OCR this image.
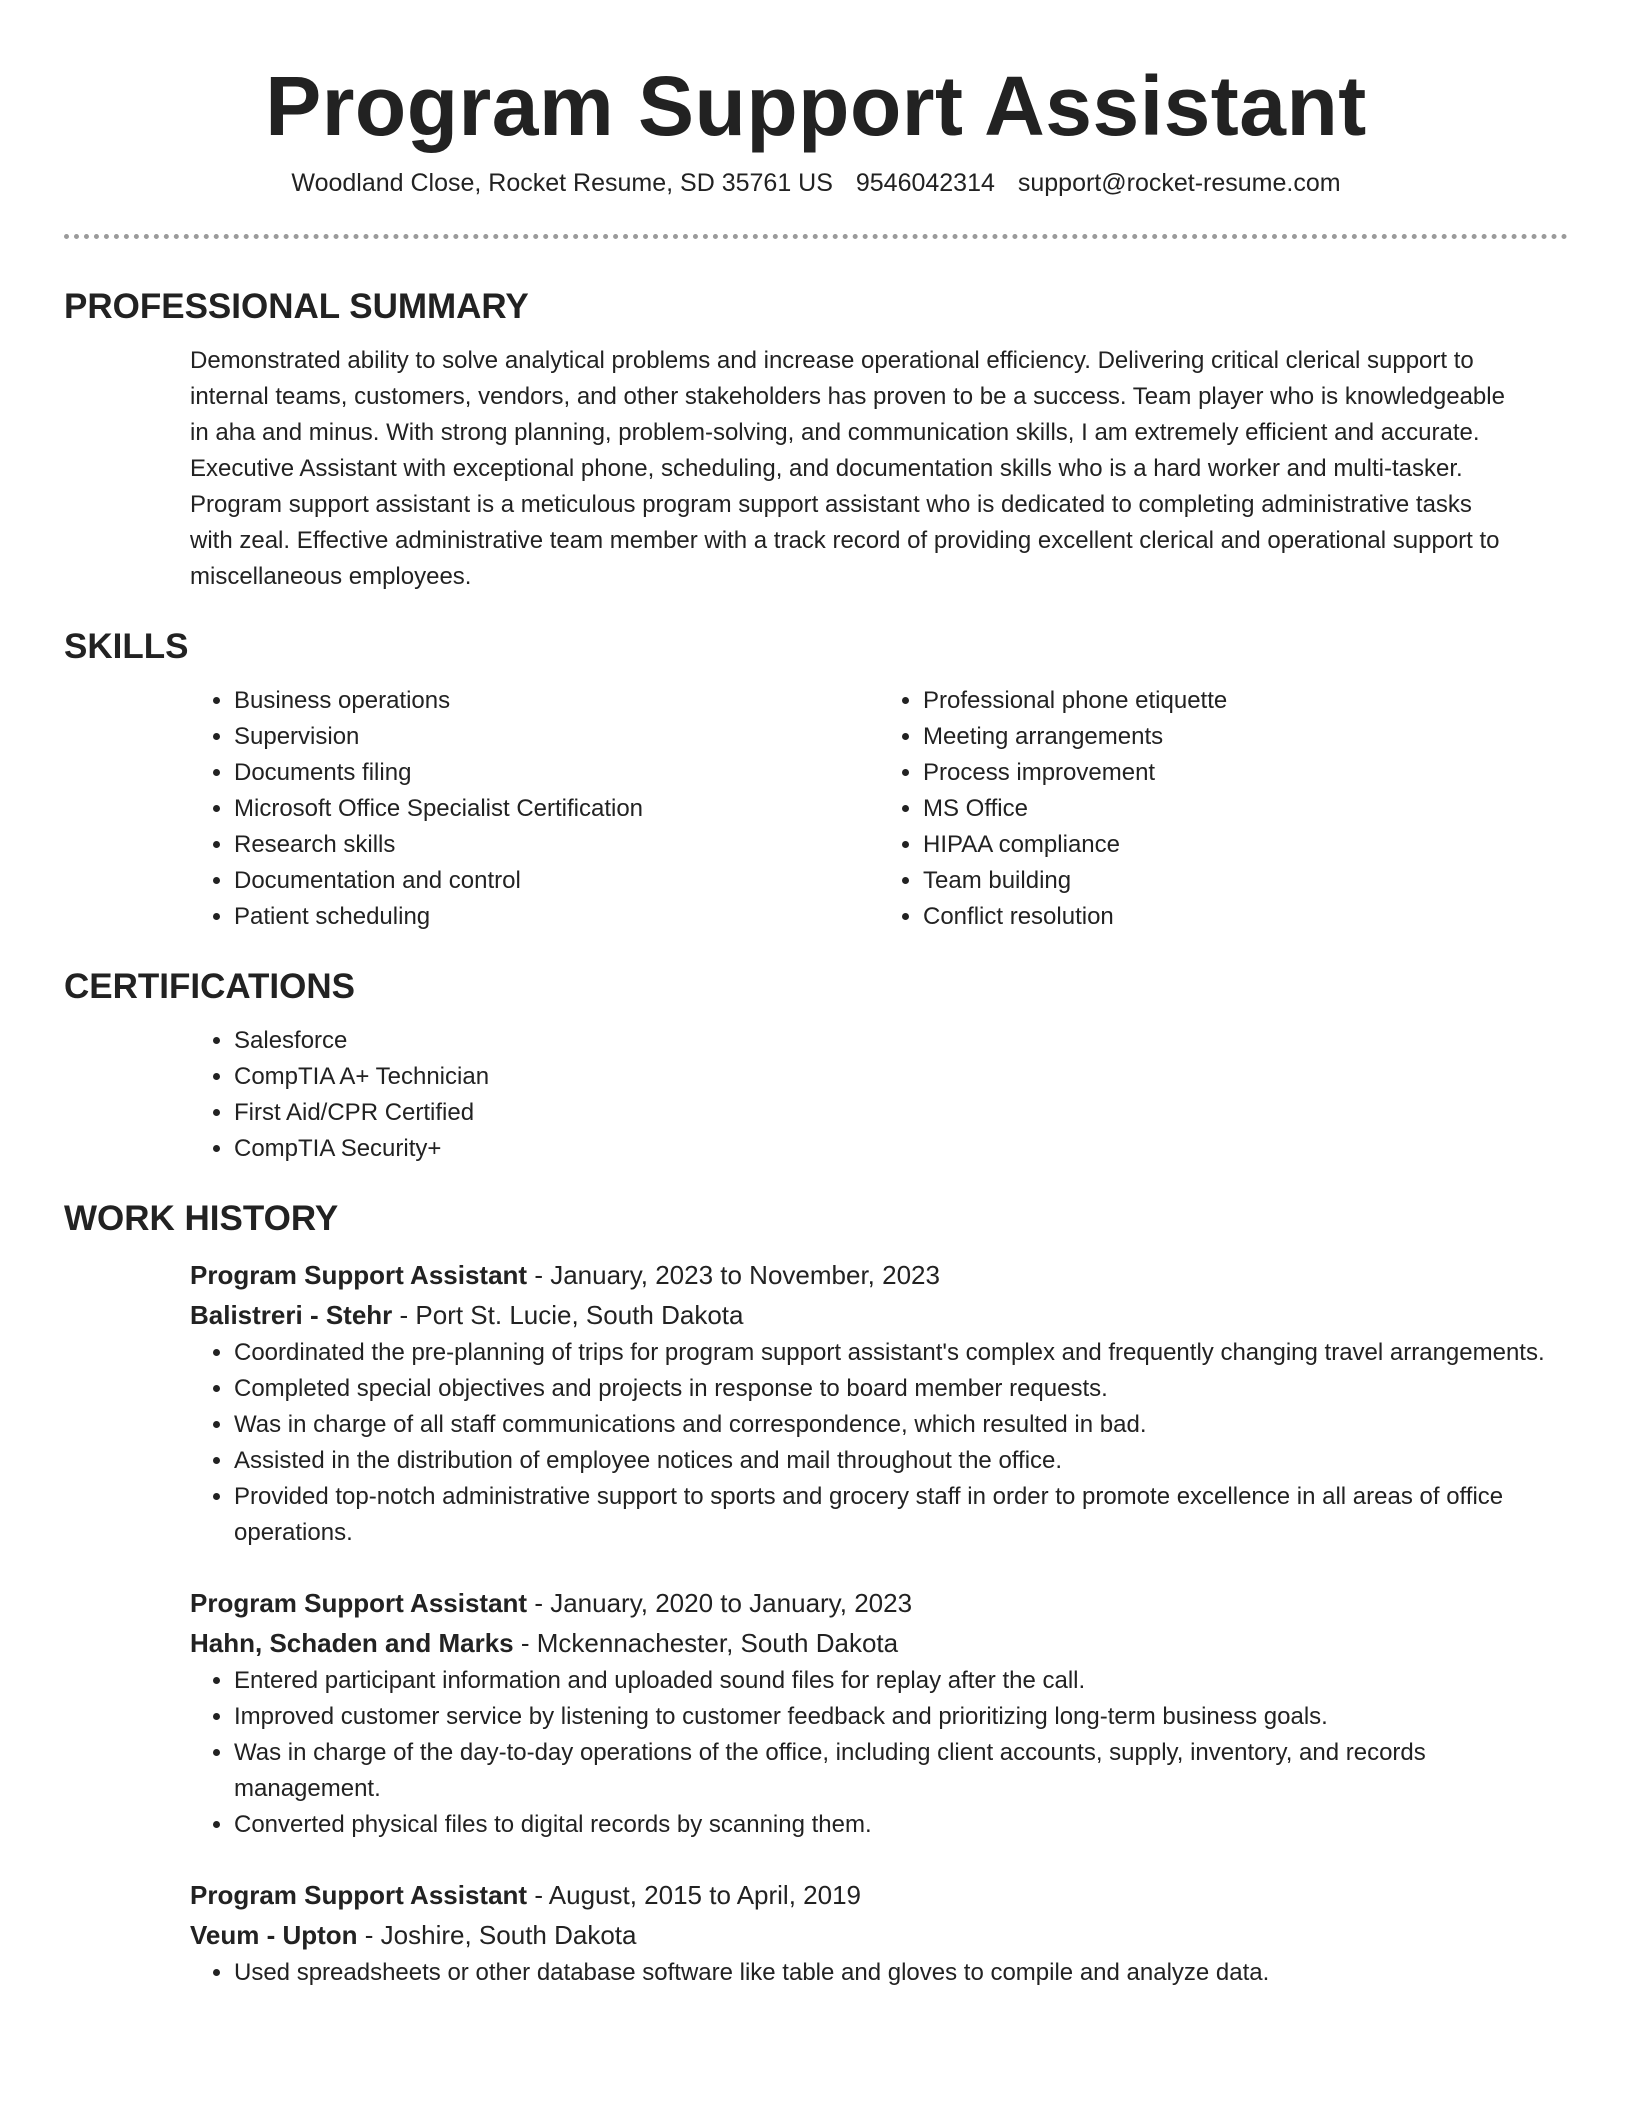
Program Support Assistant
Woodland Close, Rocket Resume, SD 35761 US 9546042314 support@rocket-resume.com
PROFESSIONAL SUMMARY
Demonstrated ability to solve analytical problems and increase operational efficiency. Delivering critical clerical support to
internal teams, customers, vendors, and other stakeholders has proven to be a success. Team player who is knowledgeable
in aha and minus. With strong planning, problem-solving, and communication skills, I am extremely efficient and accurate.
Executive Assistant with exceptional phone, scheduling, and documentation skills who is a hard worker and multi-tasker.
Program support assistant is a meticulous program support assistant who is dedicated to completing administrative tasks
with zeal. Effective administrative team member with a track record of providing excellent clerical and operational support to
miscellaneous employees.
SKILLS
• Business operations
• Supervision
• Documents filing
• Microsoft Office Specialist Certification
• Research skills
• Documentation and control
• Patient scheduling
• Professional phone etiquette
• Meeting arrangements
• Process improvement
• MS Office
• HIPAA compliance
• Team building
• Conflict resolution
CERTIFICATIONS
• Salesforce
• CompTIA A+ Technician
• First Aid/CPR Certified
• CompTIA Security+
WORK HISTORY
Program Support Assistant - January, 2023 to November, 2023
Balistreri - Stehr - Port St. Lucie, South Dakota
• Coordinated the pre-planning of trips for program support assistant's complex and frequently changing travel arrangements.
• Completed special objectives and projects in response to board member requests.
• Was in charge of all staff communications and correspondence, which resulted in bad.
• Assisted in the distribution of employee notices and mail throughout the office.
• Provided top-notch administrative support to sports and grocery staff in order to promote excellence in all areas of office operations.
Program Support Assistant - January, 2020 to January, 2023
Hahn, Schaden and Marks - Mckennachester, South Dakota
• Entered participant information and uploaded sound files for replay after the call.
• Improved customer service by listening to customer feedback and prioritizing long-term business goals.
• Was in charge of the day-to-day operations of the office, including client accounts, supply, inventory, and records management.
• Converted physical files to digital records by scanning them.
Program Support Assistant - August, 2015 to April, 2019
Veum - Upton - Joshire, South Dakota
• Used spreadsheets or other database software like table and gloves to compile and analyze data.
